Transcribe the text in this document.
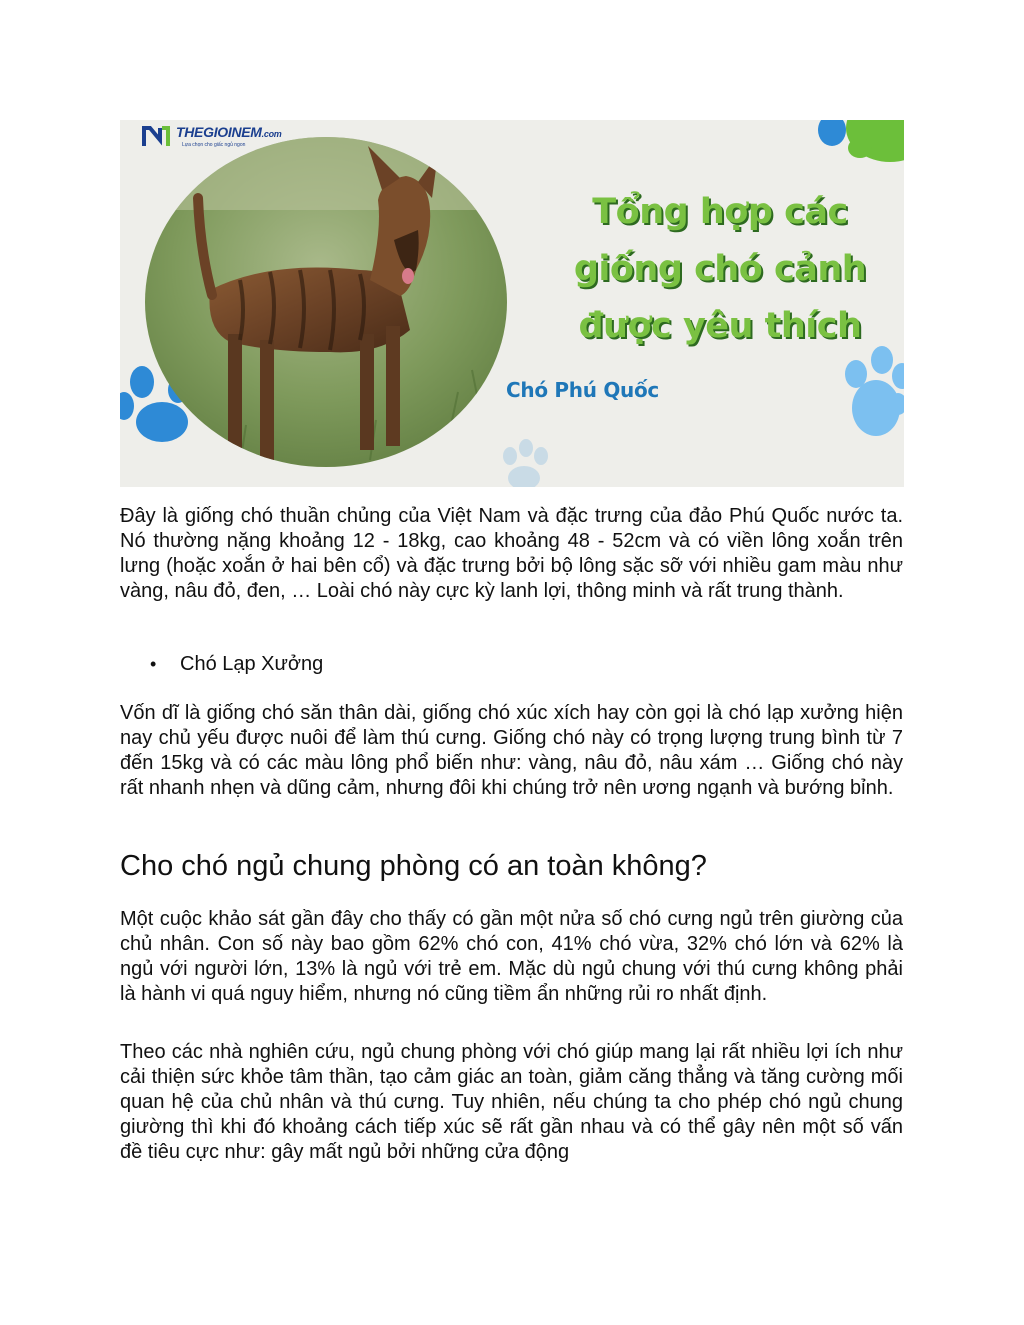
THEGIOINEM.com
Lựa chọn cho giấc ngủ ngon
Tổng hợp các
giống chó cảnh
được yêu thích
Chó Phú Quốc

Đây là giống chó thuần chủng của Việt Nam và đặc trưng của đảo Phú Quốc nước ta. Nó thường nặng khoảng 12 - 18kg, cao khoảng 48 - 52cm và có viền lông xoắn trên lưng (hoặc xoắn ở hai bên cổ) và đặc trưng bởi bộ lông sặc sỡ với nhiều gam màu như vàng, nâu đỏ, đen, … Loài chó này cực kỳ lanh lợi, thông minh và rất trung thành.

•	Chó Lạp Xưởng

Vốn dĩ là giống chó săn thân dài, giống chó xúc xích hay còn gọi là chó lạp xưởng hiện nay chủ yếu được nuôi để làm thú cưng. Giống chó này có trọng lượng trung bình từ 7 đến 15kg và có các màu lông phổ biến như: vàng, nâu đỏ, nâu xám … Giống chó này rất nhanh nhẹn và dũng cảm, nhưng đôi khi chúng trở nên ương ngạnh và bướng bỉnh.

Cho chó ngủ chung phòng có an toàn không?

Một cuộc khảo sát gần đây cho thấy có gần một nửa số chó cưng ngủ trên giường của chủ nhân. Con số này bao gồm 62% chó con, 41% chó vừa, 32% chó lớn và 62% là ngủ với người lớn, 13% là ngủ với trẻ em. Mặc dù ngủ chung với thú cưng không phải là hành vi quá nguy hiểm, nhưng nó cũng tiềm ẩn những rủi ro nhất định.

Theo các nhà nghiên cứu, ngủ chung phòng với chó giúp mang lại rất nhiều lợi ích như cải thiện sức khỏe tâm thần, tạo cảm giác an toàn, giảm căng thẳng và tăng cường mối quan hệ của chủ nhân và thú cưng. Tuy nhiên, nếu chúng ta cho phép chó ngủ chung giường thì khi đó khoảng cách tiếp xúc sẽ rất gần nhau và có thể gây nên một số vấn đề tiêu cực như: gây mất ngủ bởi những cửa động
